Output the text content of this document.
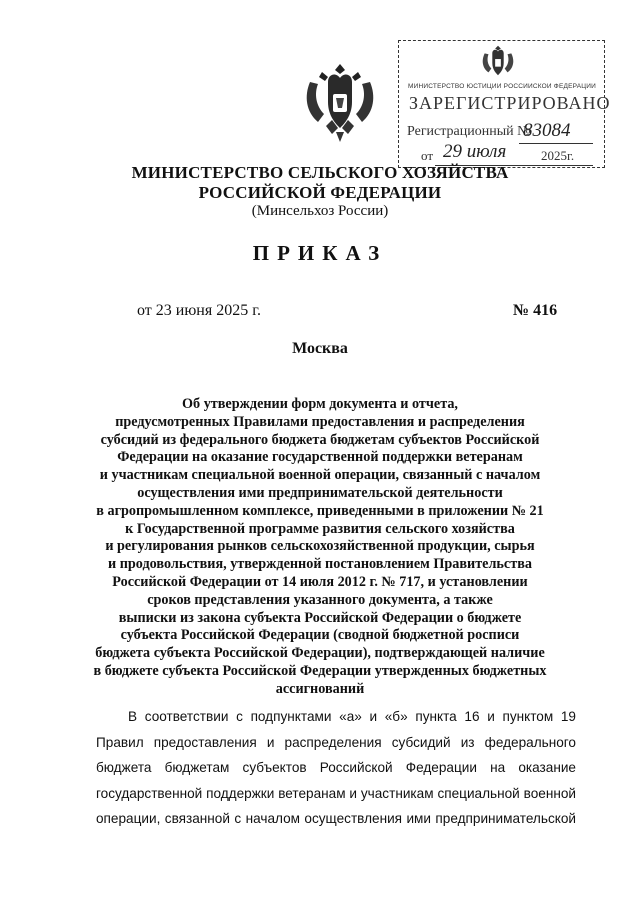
МИНИСТЕРСТВО ЮСТИЦИИ РОССИЙСКОЙ ФЕДЕРАЦИИ
ЗАРЕГИСТРИРОВАНО
Регистрационный №
83084
от 29 июля	2025г.
МИНИСТЕРСТВО СЕЛЬСКОГО ХОЗЯЙСТВА
РОССИЙСКОЙ ФЕДЕРАЦИИ
(Минсельхоз России)
ПРИКАЗ
от 23 июня 2025 г.	№ 416
Москва
Об утверждении форм документа и отчета,
предусмотренных Правилами предоставления и распределения
субсидий из федерального бюджета бюджетам субъектов Российской
Федерации на оказание государственной поддержки ветеранам
и участникам специальной военной операции, связанный с началом
осуществления ими предпринимательской деятельности
в агропромышленном комплексе, приведенными в приложении № 21
к Государственной программе развития сельского хозяйства
и регулирования рынков сельскохозяйственной продукции, сырья
и продовольствия, утвержденной постановлением Правительства
Российской Федерации от 14 июля 2012 г. № 717, и установлении
сроков представления указанного документа, а также
выписки из закона субъекта Российской Федерации о бюджете
субъекта Российской Федерации (сводной бюджетной росписи
бюджета субъекта Российской Федерации), подтверждающей наличие
в бюджете субъекта Российской Федерации утвержденных бюджетных
ассигнований
В соответствии с подпунктами «а» и «б» пункта 16 и пунктом 19
Правил предоставления и распределения субсидий из федерального
бюджета бюджетам субъектов Российской Федерации на оказание
государственной поддержки ветеранам и участникам специальной военной
операции, связанной с началом осуществления ими предпринимательской
